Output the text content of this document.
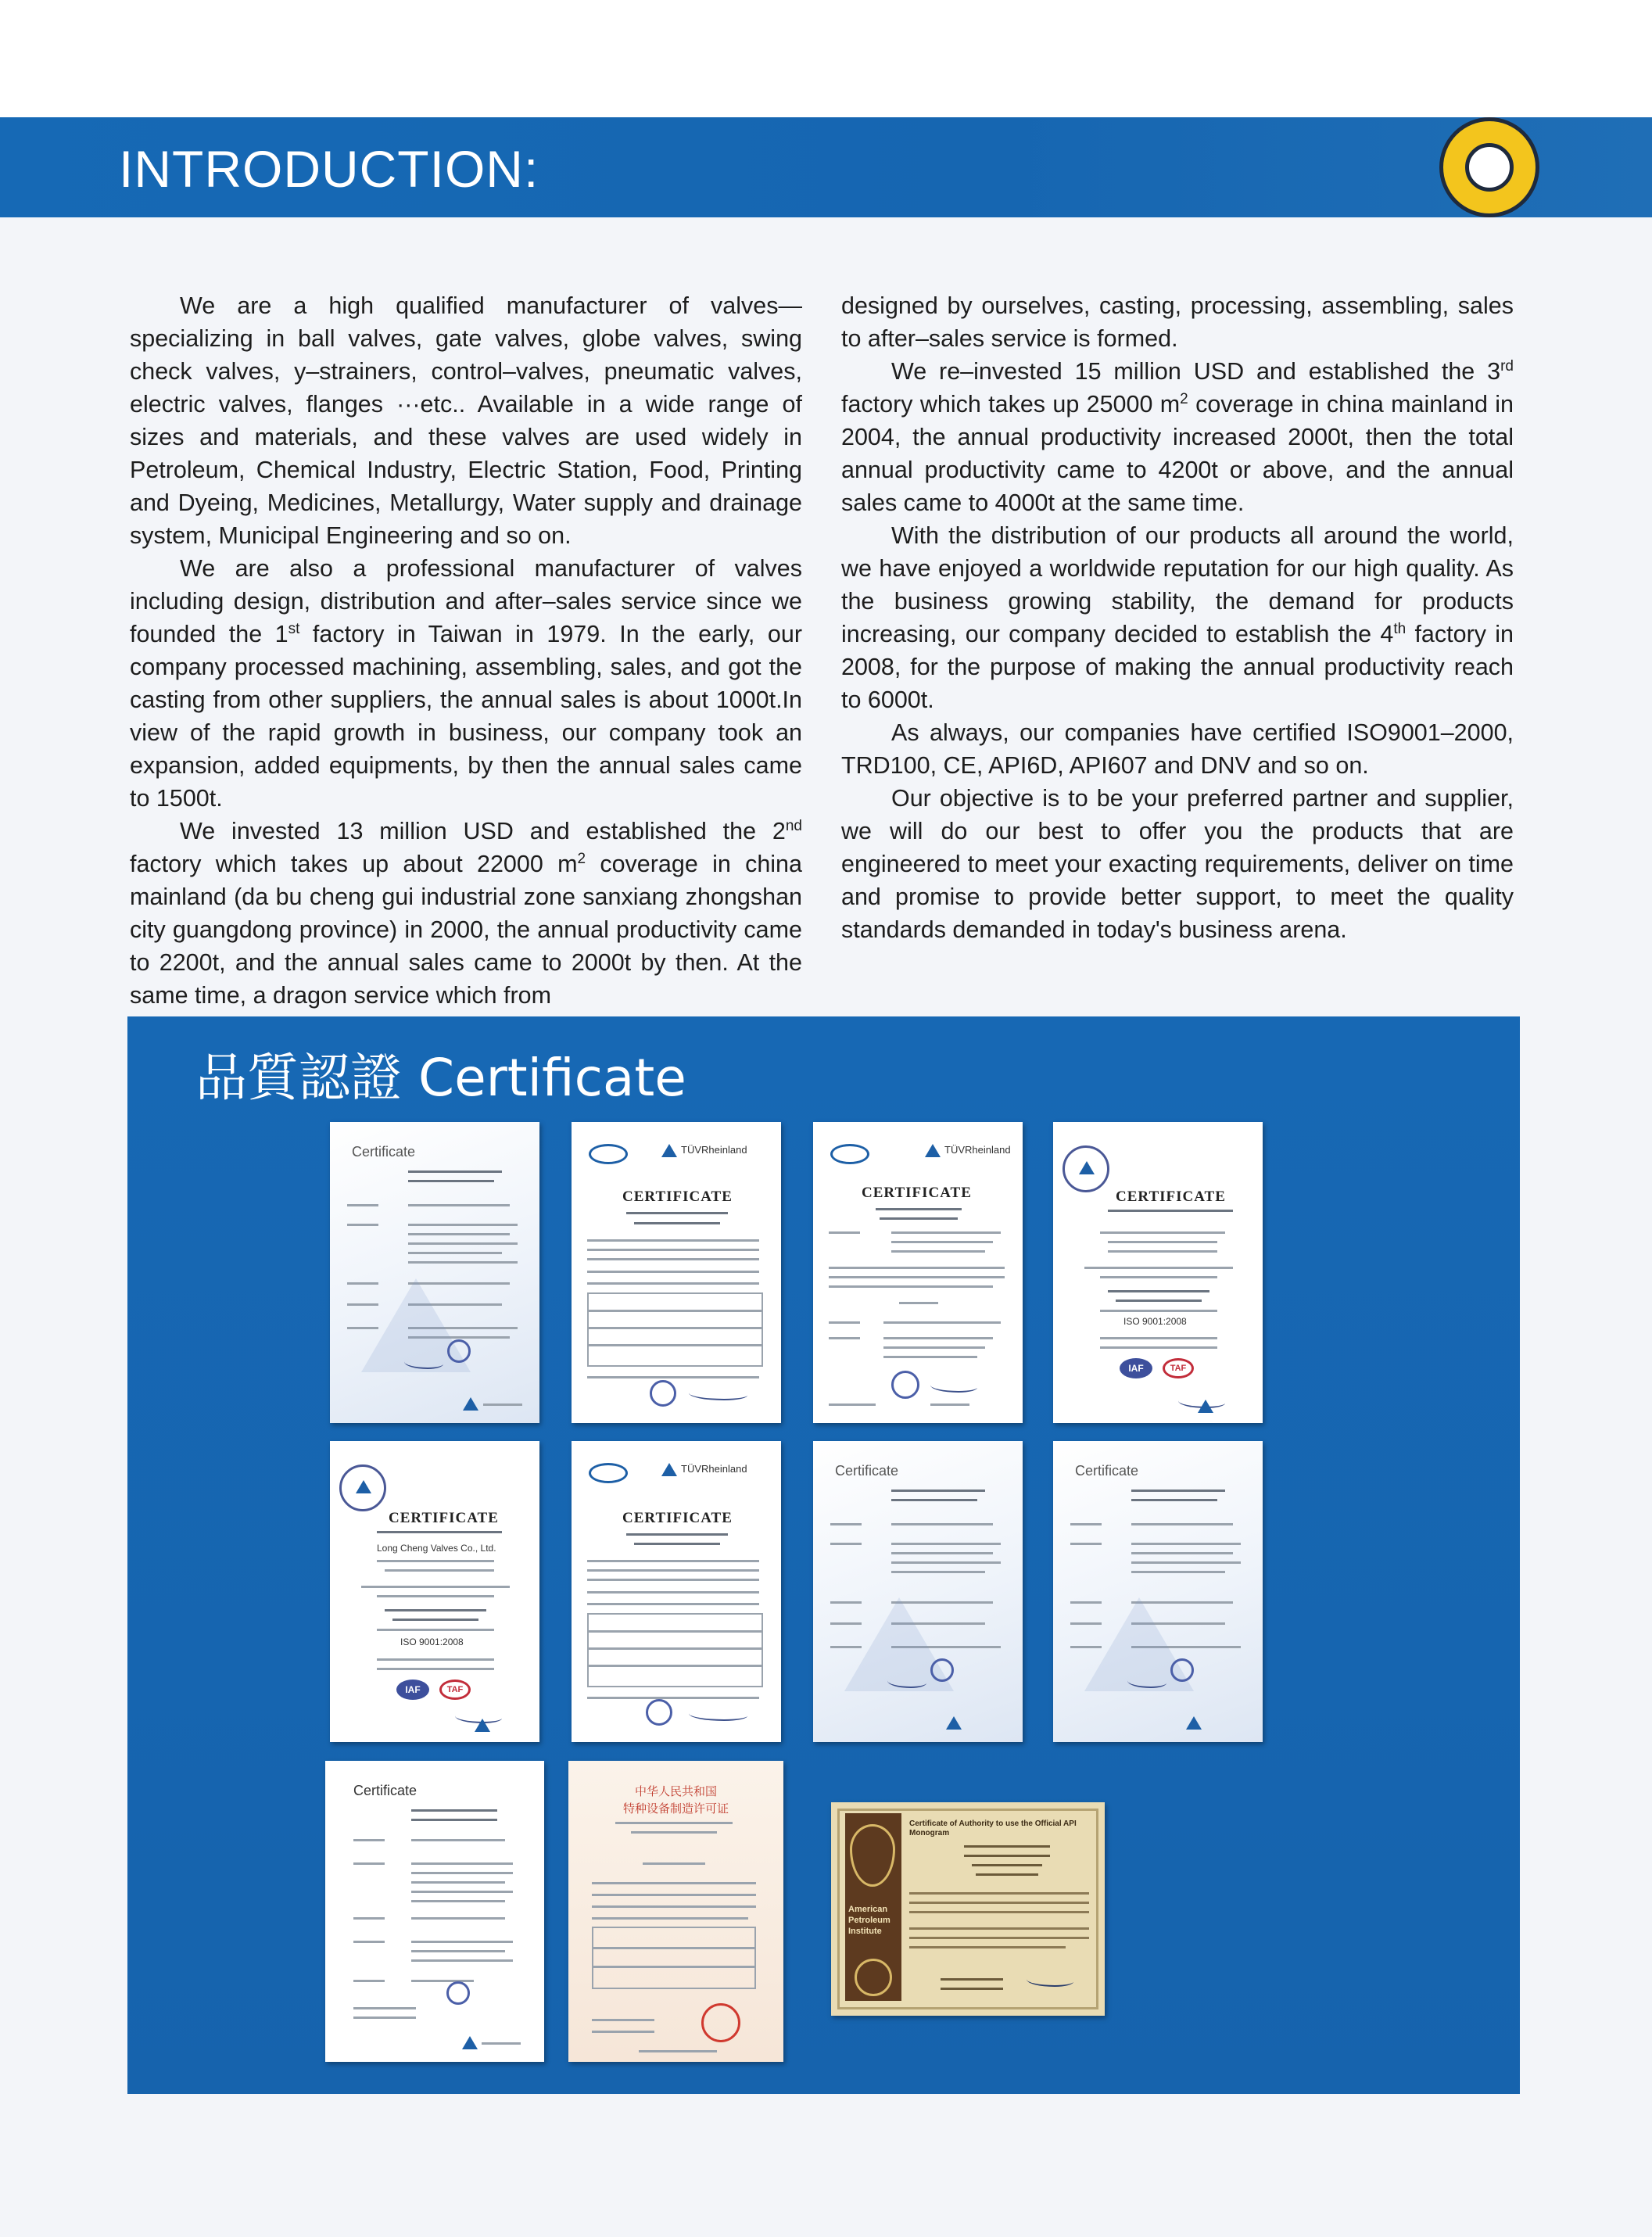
INTRODUCTION:

We are a high qualified manufacturer of valves—specializing in ball valves, gate valves, globe valves, swing check valves, y–strainers, control–valves, pneumatic valves, electric valves, flanges ···etc.. Available in a wide range of sizes and materials, and these valves are used widely in Petroleum, Chemical Industry, Electric Station, Food, Printing and Dyeing, Medicines, Metallurgy, Water supply and drainage system, Municipal Engineering and so on.

We are also a professional manufacturer of valves including design, distribution and after–sales service since we founded the 1st factory in Taiwan in 1979. In the early, our company processed machining, assembling, sales, and got the casting from other suppliers, the annual sales is about 1000t.In view of the rapid growth in business, our company took an expansion, added equipments, by then the annual sales came to 1500t.

We invested 13 million USD and established the 2nd factory which takes up about 22000 $m^2$ coverage in china mainland (da bu cheng gui industrial zone sanxiang zhongshan city guangdong province) in 2000, the annual productivity came to 2200t, and the annual sales came to 2000t by then. At the same time, a dragon service which from

designed by ourselves, casting, processing, assembling, sales to after–sales service is formed.

We re–invested 15 million USD and established the 3rd factory which takes up 25000 $m^2$ coverage in china mainland in 2004, the annual productivity increased 2000t, then the total annual productivity came to 4200t or above, and the annual sales came to 4000t at the same time.

With the distribution of our products all around the world, we have enjoyed a worldwide reputation for our high quality. As the business growing stability, the demand for products increasing, our company decided to establish the 4th factory in 2008, for the purpose of making the annual productivity reach to 6000t.

As always, our companies have certified ISO9001–2000, TRD100, CE, API6D, API607 and DNV and so on.

Our objective is to be your preferred partner and supplier, we will do our best to offer you the products that are engineered to meet your exacting requirements, deliver on time and promise to provide better support, to meet the quality standards demanded in today's business arena.

品質認證 Certificate
Certificate	TÜVRheinland
CERTIFICATE
TÜVRheinland
CERTIFICATE	CERTIFICATE
ISO 9001:2008
IAF	TAF
CERTIFICATE
Long Cheng Valves Co., Ltd.
ISO 9001:2008
IAF	TAF
TÜVRheinland
CERTIFICATE
Certificate	Certificate
Certificate	中华人民共和国
特种设备制造许可证
American Petroleum Institute
Certificate of Authority to use the Official API Monogram
